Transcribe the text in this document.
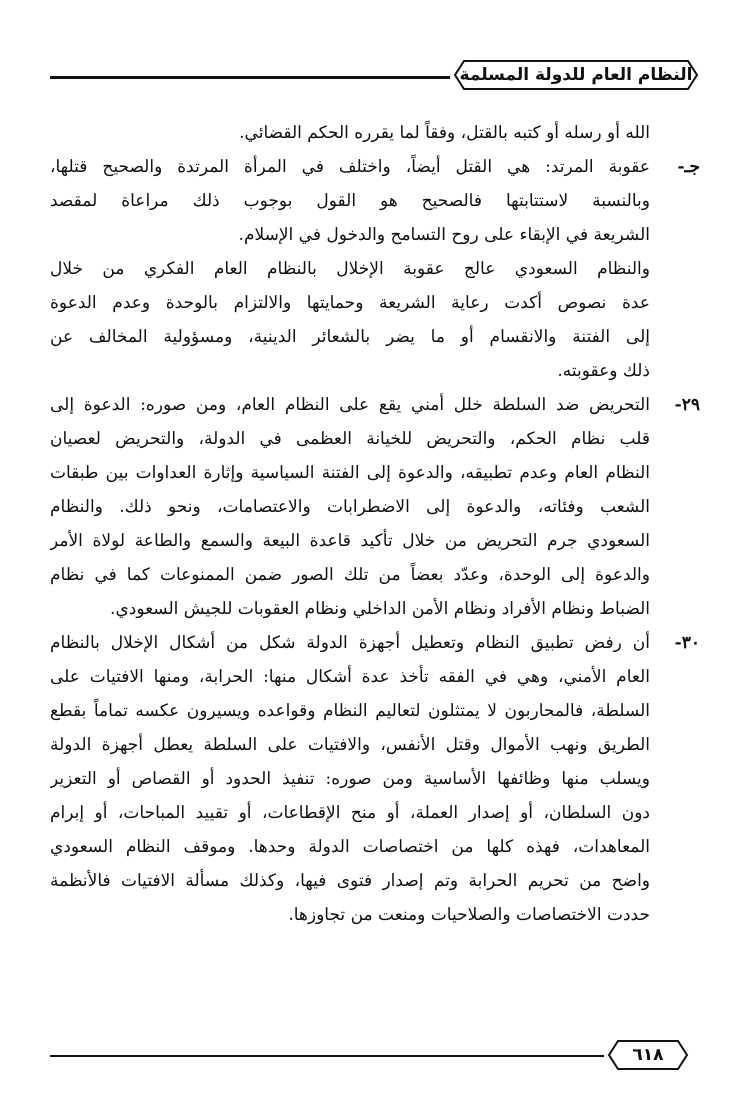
النظام العام للدولة المسلمة
الله أو رسله أو كتبه بالقتل، وفقاً لما يقرره الحكم القضائي.
جـ-
عقوبة المرتد: هي القتل أيضاً، واختلف في المرأة المرتدة والصحيح قتلها،
وبالنسبة لاستتابتها فالصحيح هو القول بوجوب ذلك مراعاة لمقصد
الشريعة في الإبقاء على روح التسامح والدخول في الإسلام.
والنظام السعودي عالج عقوبة الإخلال بالنظام العام الفكري من خلال
عدة نصوص أكدت رعاية الشريعة وحمايتها والالتزام بالوحدة وعدم الدعوة
إلى الفتنة والانقسام أو ما يضر بالشعائر الدينية، ومسؤولية المخالف عن
ذلك وعقوبته.
٢٩-
التحريض ضد السلطة خلل أمني يقع على النظام العام، ومن صوره: الدعوة إلى
قلب نظام الحكم، والتحريض للخيانة العظمى في الدولة، والتحريض لعصيان
النظام العام وعدم تطبيقه، والدعوة إلى الفتنة السياسية وإثارة العداوات بين طبقات
الشعب وفئاته، والدعوة إلى الاضطرابات والاعتصامات، ونحو ذلك. والنظام
السعودي جرم التحريض من خلال تأكيد قاعدة البيعة والسمع والطاعة لولاة الأمر
والدعوة إلى الوحدة، وعدّد بعضاً من تلك الصور ضمن الممنوعات كما في نظام
الضباط ونظام الأفراد ونظام الأمن الداخلي ونظام العقوبات للجيش السعودي.
٣٠-
أن رفض تطبيق النظام وتعطيل أجهزة الدولة شكل من أشكال الإخلال بالنظام
العام الأمني، وهي في الفقه تأخذ عدة أشكال منها: الحرابة، ومنها الافتيات على
السلطة، فالمحاربون لا يمتثلون لتعاليم النظام وقواعده ويسيرون عكسه تماماً بقطع
الطريق ونهب الأموال وقتل الأنفس، والافتيات على السلطة يعطل أجهزة الدولة
ويسلب منها وظائفها الأساسية ومن صوره: تنفيذ الحدود أو القصاص أو التعزير
دون السلطان، أو إصدار العملة، أو منح الإقطاعات، أو تقييد المباحات، أو إبرام
المعاهدات، فهذه كلها من اختصاصات الدولة وحدها. وموقف النظام السعودي
واضح من تحريم الحرابة وتم إصدار فتوى فيها، وكذلك مسألة الافتيات فالأنظمة
حددت الاختصاصات والصلاحيات ومنعت من تجاوزها.
٦١٨
